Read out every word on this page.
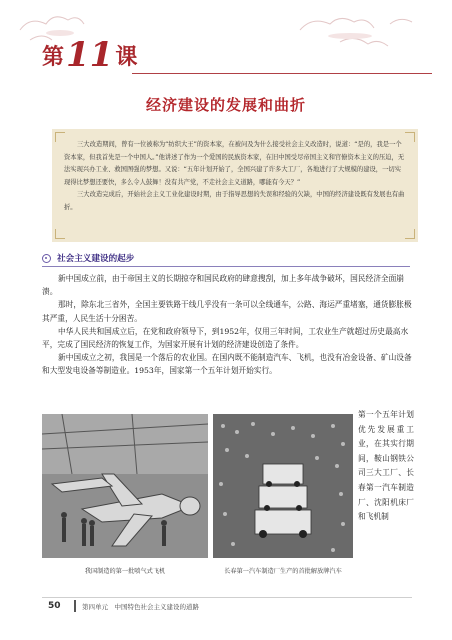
第 11 课
经济建设的发展和曲折

三大改造期间，曾有一位被称为“纺织大王”的资本家，在被问及为什么接受社会主义改造时，说道：“是的，我是一个资本家，但我首先是一个中国人。”他讲述了作为一个爱国的民族资本家，在旧中国受尽帝国主义和官僚资本主义的压迫，无法实现兴办工业、救国图强的梦想。又说：“五年计划开始了，全国兴建了许多大工厂，各地进行了大规模的建设，一切实现得比梦想还要快，多么令人鼓舞！没有共产党，不走社会主义道路，哪能有今天？”

三大改造完成后，开始社会主义工业化建设时期，由于指导思想的失误和经验的欠缺，中国的经济建设既有发展也有曲折。

社会主义建设的起步

新中国成立前，由于帝国主义的长期掠夺和国民政府的肆意搜刮，加上多年战争破坏，国民经济全面崩溃。

那时，除东北三省外，全国主要铁路干线几乎没有一条可以全线通车，公路、海运严重堵塞，通货膨胀极其严重，人民生活十分困苦。

中华人民共和国成立后，在党和政府领导下，到1952年，仅用三年时间，工农业生产就超过历史最高水平，完成了国民经济的恢复工作，为国家开展有计划的经济建设创造了条件。

新中国成立之初，我国是一个落后的农业国。在国内既不能制造汽车、飞机，也没有冶金设备、矿山设备和大型发电设备等制造业。1953年，国家第一个五年计划开始实行。

我国制造的第一批喷气式飞机	长春第一汽车制造厂生产的首批解放牌汽车
第一个五年计划优先发展重工业，在其实行期间，鞍山钢铁公司三大工厂、长春第一汽车制造厂、沈阳机床厂和飞机制
50	第四单元　中国特色社会主义建设的道路
